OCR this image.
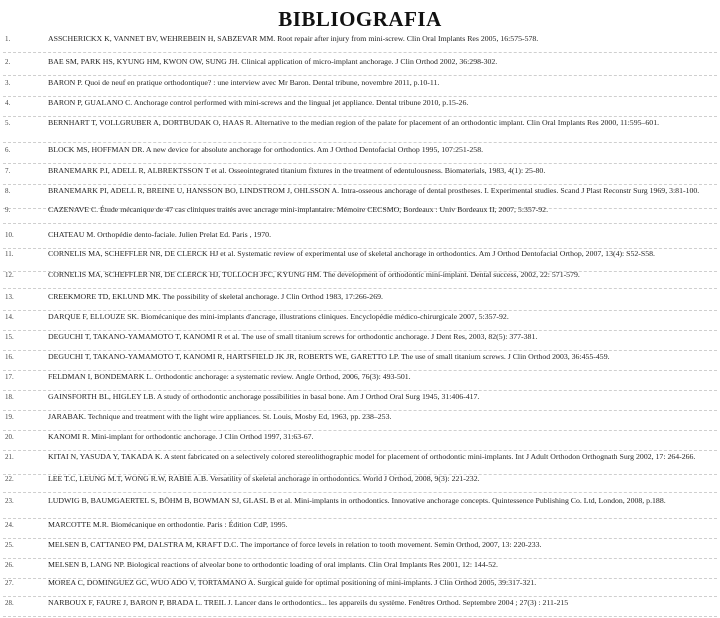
BIBLIOGRAFIA
1.	ASSCHERICKX K, VANNET BV, WEHREBEIN H, SABZEVAR MM. Root repair after injury from mini-screw. Clin Oral Implants Res 2005, 16:575-578.
2.	BAE SM, PARK HS, KYUNG HM, KWON OW, SUNG JH. Clinical application of micro-implant anchorage. J Clin Orthod 2002, 36:298-302.
3.	BARON P. Quoi de neuf en pratique orthodontique? : une interview avec Mr Baron. Dental tribune, novembre 2011, p.10-11.
4.	BARON P, GUALANO C. Anchorage control performed with mini-screws and the lingual jet appliance. Dental tribune 2010, p.15-26.
5.	BERNHART T, VOLLGRUBER A, DORTBUDAK O, HAAS R. Alternative to the median region of the palate for placement of an orthodontic implant. Clin Oral Implants Res 2000, 11:595–601.
6.	BLOCK MS, HOFFMAN DR. A new device for absolute anchorage for orthodontics. Am J Orthod Dentofacial Orthop 1995, 107:251-258.
7.	BRANEMARK P.I, ADELL R, ALBREKTSSON T et al. Osseointegrated titanium fixtures in the treatment of edentulousness. Biomaterials, 1983, 4(1): 25-80.
8.	BRANEMARK PI, ADELL R, BREINE U, HANSSON BO, LINDSTROM J, OHLSSON A. Intra-osseous anchorage of dental prostheses. I. Experimental studies. Scand J Plast Reconstr Surg 1969, 3:81-100.
9.	CAZENAVE C. Étude mécanique de 47 cas cliniques traités avec ancrage mini-implantaire. Mémoire CECSMO, Bordeaux : Univ Bordeaux II, 2007, 5:357-92.
10.	CHATEAU M. Orthopédie dento-faciale. Julien Prelat Ed. Paris , 1970.
11.	CORNELIS MA, SCHEFFLER NR, DE CLERCK HJ et al. Systematic review of experimental use of skeletal anchorage in orthodontics. Am J Orthod Dentofacial Orthop, 2007, 13(4): S52-S58.
12.	CORNELIS MA, SCHEFFLER NR, DE CLERCK HJ, TULLOCH JFC, KYUNG HM. The development of orthodontic mini-implant. Dental success, 2002, 22: 571-579.
13.	CREEKMORE TD, EKLUND MK. The possibility of skeletal anchorage. J Clin Orthod 1983, 17:266-269.
14.	DARQUE F, ELLOUZE SK. Biomécanique des mini-implants d'ancrage, illustrations cliniques. Encyclopédie médico-chirurgicale 2007, 5:357-92.
15.	DEGUCHI T, TAKANO-YAMAMOTO T, KANOMI R et al. The use of small titanium screws for orthodontic anchorage. J Dent Res, 2003, 82(5): 377-381.
16.	DEGUCHI T, TAKANO-YAMAMOTO T, KANOMI R, HARTSFIELD JK JR, ROBERTS WE, GARETTO LP. The use of small titanium screws. J Clin Orthod 2003, 36:455-459.
17.	FELDMAN I, BONDEMARK L. Orthodontic anchorage: a systematic review. Angle Orthod, 2006, 76(3): 493-501.
18.	GAINSFORTH BL, HIGLEY LB. A study of orthodontic anchorage possibilities in basal bone. Am J Orthod Oral Surg 1945, 31:406-417.
19.	JARABAK. Technique and treatment with the light wire appliances. St. Louis, Mosby Ed, 1963, pp. 238–253.
20.	KANOMI R. Mini-implant for orthodontic anchorage. J Clin Orthod 1997, 31:63-67.
21.	KITAI N, YASUDA Y, TAKADA K. A stent fabricated on a selectively colored stereolithographic model for placement of orthodontic mini-implants. Int J Adult Orthodon Orthognath Surg 2002, 17: 264-266.
22.	LEE T.C, LEUNG M.T, WONG R.W, RABIE A.B. Versatility of skeletal anchorage in orthodontics. World J Orthod, 2008, 9(3): 221-232.
23.	LUDWIG B, BAUMGAERTEL S, BÖHM B, BOWMAN SJ, GLASL B et al. Mini-implants in orthodontics. Innovative anchorage concepts. Quintessence Publishing Co. Ltd, London, 2008, p.188.
24.	MARCOTTE M.R. Biomécanique en orthodontie. Paris : Édition CdP, 1995.
25.	MELSEN B, CATTANEO PM, DALSTRA M, KRAFT D.C. The importance of force levels in relation to tooth movement. Semin Orthod, 2007, 13: 220-233.
26.	MELSEN B, LANG NP. Biological reactions of alveolar bone to orthodontic loading of oral implants. Clin Oral Implants Res 2001, 12: 144-52.
27.	MOREA C, DOMINGUEZ GC, WUO ADO V, TORTAMANO A. Surgical guide for optimal positioning of mini-implants. J Clin Orthod 2005, 39:317-321.
28.	NARBOUX F, FAURE J, BARON P, BRADA L. TREIL J. Lancer dans le orthodontics... les appareils du système. Fenêtres Orthod. Septembre 2004 ; 27(3) : 211-215
